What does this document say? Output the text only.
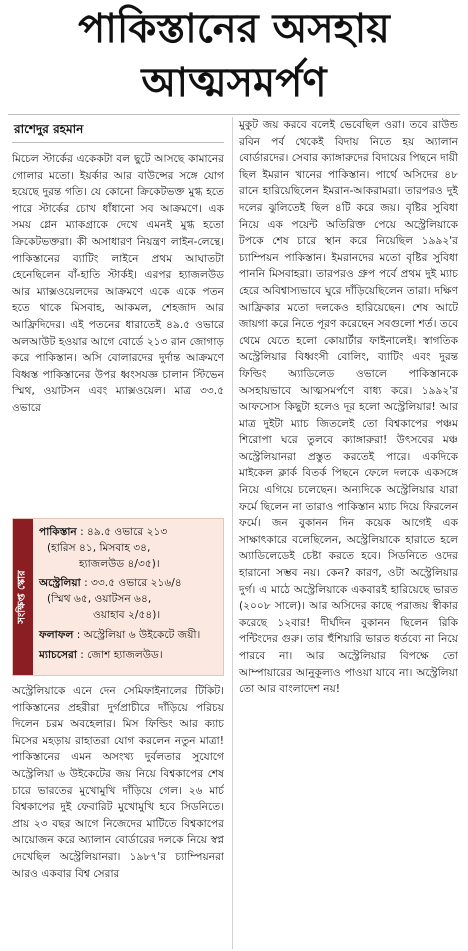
পাকিস্তানের অসহায়
আত্মসমর্পণ
রাশেদুর রহমান

মিচেল স্টার্কের একেকটা বল ছুটে আসছে কামানের গোলার মতো। ইয়র্কার আর বাউন্সের সঙ্গে যোগ হয়েছে দুরন্ত গতি। যে কোনো ক্রিকেটভক্ত মুগ্ধ হতে পারে স্টার্কের চোখ ধাঁধানো সব আক্রমণে। এক সময় গ্লেন ম্যাকগ্রাকে দেখে এমনই মুগ্ধ হতো ক্রিকেটভক্তরা। কী অসাধারণ নিয়ন্ত্রণ লাইন-লেন্থে। পাকিস্তানের ব্যাটিং লাইনে প্রথম আঘাতটা হেনেছিলেন বাঁ-হাতি স্টার্কই। এরপর হ্যাজলউড আর ম্যাক্সওয়েলদের আক্রমণে একে একে পতন হতে থাকে মিসবাহ, আকমল, শেহজাদ আর আফ্রিদিদের। এই পতনের ধারাতেই ৪৯.৫ ওভারে অলআউট হওয়ার আগে বোর্ডে ২১৩ রান জোগাড় করে পাকিস্তান। অসি বোলারদের দুর্দান্ত আক্রমণে বিধ্বস্ত পাকিস্তানের উপর ধ্বংসযজ্ঞ চালান স্টিভেন স্মিথ, ওয়াটসন এবং ম্যাক্সওয়েল। মাত্র ৩৩.৫ ওভারে

সংক্ষিপ্ত স্কোর
পাকিস্তান : ৪৯.৫ ওভারে ২১৩
(হারিস ৪১, মিসবাহ ৩৪,
হ্যাজলউড ৪/৩৫)।
অস্ট্রেলিয়া : ৩৩.৫ ওভারে ২১৬/৪
(স্মিথ ৬৫, ওয়াটসন ৬৪,
ওয়াহাব ২/৫৪)।
ফলাফল : অস্ট্রেলিয়া ৬ উইকেটে জয়ী।
ম্যাচসেরা : জোশ হ্যাজলউড।

অস্ট্রেলিয়াকে এনে দেন সেমিফাইনালের টিকিট। পাকিস্তানের প্রহরীরা দুর্গপ্রাচীরে দাঁড়িয়ে পরিচয় দিলেন চরম অবহেলার। মিস ফিল্ডিং আর ক্যাচ মিসের মহড়ায় রাহাতরা যোগ করলেন নতুন মাত্রা! পাকিস্তানের এমন অসংখ্য দুর্বলতার সুযোগে অস্ট্রেলিয়া ৬ উইকেটের জয় নিয়ে বিশ্বকাপের শেষ চারে ভারতের মুখোমুখি দাঁড়িয়ে গেল। ২৬ মার্চ বিশ্বকাপের দুই ফেবারিট মুখোমুখি হবে সিডনিতে। প্রায় ২৩ বছর আগে নিজেদের মাটিতে বিশ্বকাপের আয়োজন করে অ্যালান বোর্ডারের দলকে নিয়ে স্বপ্ন দেখেছিল অস্ট্রেলিয়ানরা। ১৯৮৭'র চ্যাম্পিয়নরা আরও একবার বিশ্ব সেরার

মুকুট জয় করবে বলেই ভেবেছিল ওরা। তবে রাউন্ড রবিন পর্ব থেকেই বিদায় নিতে হয় অ্যালান বোর্ডারদের। সেবার ক্যাঙ্গারুদের বিদায়ের পিছনে দায়ী ছিল ইমরান খানের পাকিস্তান। পার্থে অসিদের ৪৮ রানে হারিয়েছিলেন ইমরান-আকরামরা। তারপরও দুই দলের ঝুলিতেই ছিল ৪টি করে জয়। বৃষ্টির সুবিধা নিয়ে এক পয়েন্ট অতিরিক্ত পেয়ে অস্ট্রেলিয়াকে টপকে শেষ চারে স্থান করে নিয়েছিল ১৯৯২'র চ্যাম্পিয়ন পাকিস্তান। ইমরানদের মতো বৃষ্টির সুবিধা পাননি মিসবাহরা। তারপরও গ্রুপ পর্বে প্রথম দুই ম্যাচ হেরে অবিশ্বাস্যভাবে ঘুরে দাঁড়িয়েছিলেন তারা। দক্ষিণ আফ্রিকার মতো দলকেও হারিয়েছেন। শেষ আটে জায়গা করে নিতে পূরণ করেছেন সবগুলো শর্ত। তবে থেমে যেতে হলো কোয়ার্টার ফাইনালেই। স্বাগতিক অস্ট্রেলিয়ার বিধ্বংসী বোলিং, ব্যাটিং এবং দুরন্ত ফিল্ডিং অ্যাডিলেড ওভালে পাকিস্তানকে অসহায়ভাবে আত্মসমর্পণে বাধ্য করে। ১৯৯২'র আফসোস কিছুটা হলেও দূর হলো অস্ট্রেলিয়ার! আর মাত্র দুইটা ম্যাচ জিতলেই তো বিশ্বকাপের পঞ্চম শিরোপা ঘরে তুলবে ক্যাঙ্গারুরা! উৎসবের মঞ্চ অস্ট্রেলিয়ানরা প্রস্তুত করতেই পারে। একদিকে মাইকেল ক্লার্ক বিতর্ক পিছনে ফেলে দলকে একসঙ্গে নিয়ে এগিয়ে চলেছেন। অন্যদিকে অস্ট্রেলিয়ার যারা ফর্মে ছিলেন না তারাও পাকিস্তান ম্যাচ দিয়ে ফিরলেন ফর্মে। জন বুকানন দিন কয়েক আগেই এক সাক্ষাৎকারে বলেছিলেন, অস্ট্রেলিয়াকে হারাতে হলে অ্যাডিলেডেই চেষ্টা করতে হবে। সিডনিতে ওদের হারানো সম্ভব নয়। কেন? কারণ, ওটা অস্ট্রেলিয়ার দুর্গ। এ মাঠে অস্ট্রেলিয়াকে একবারই হারিয়েছে ভারত (২০০৮ সালে)। আর অসিদের কাছে পরাজয় স্বীকার করেছে ১২বার! দীর্ঘদিন বুকানন ছিলেন রিকি পন্টিংদের গুরু। তার হুঁশিয়ারি ভারত ধর্তব্যে না নিয়ে পারবে না। আর অস্ট্রেলিয়ার বিপক্ষে তো আম্পায়ারের আনুকূল্যও পাওয়া যাবে না। অস্ট্রেলিয়া তো আর বাংলাদেশ নয়!
